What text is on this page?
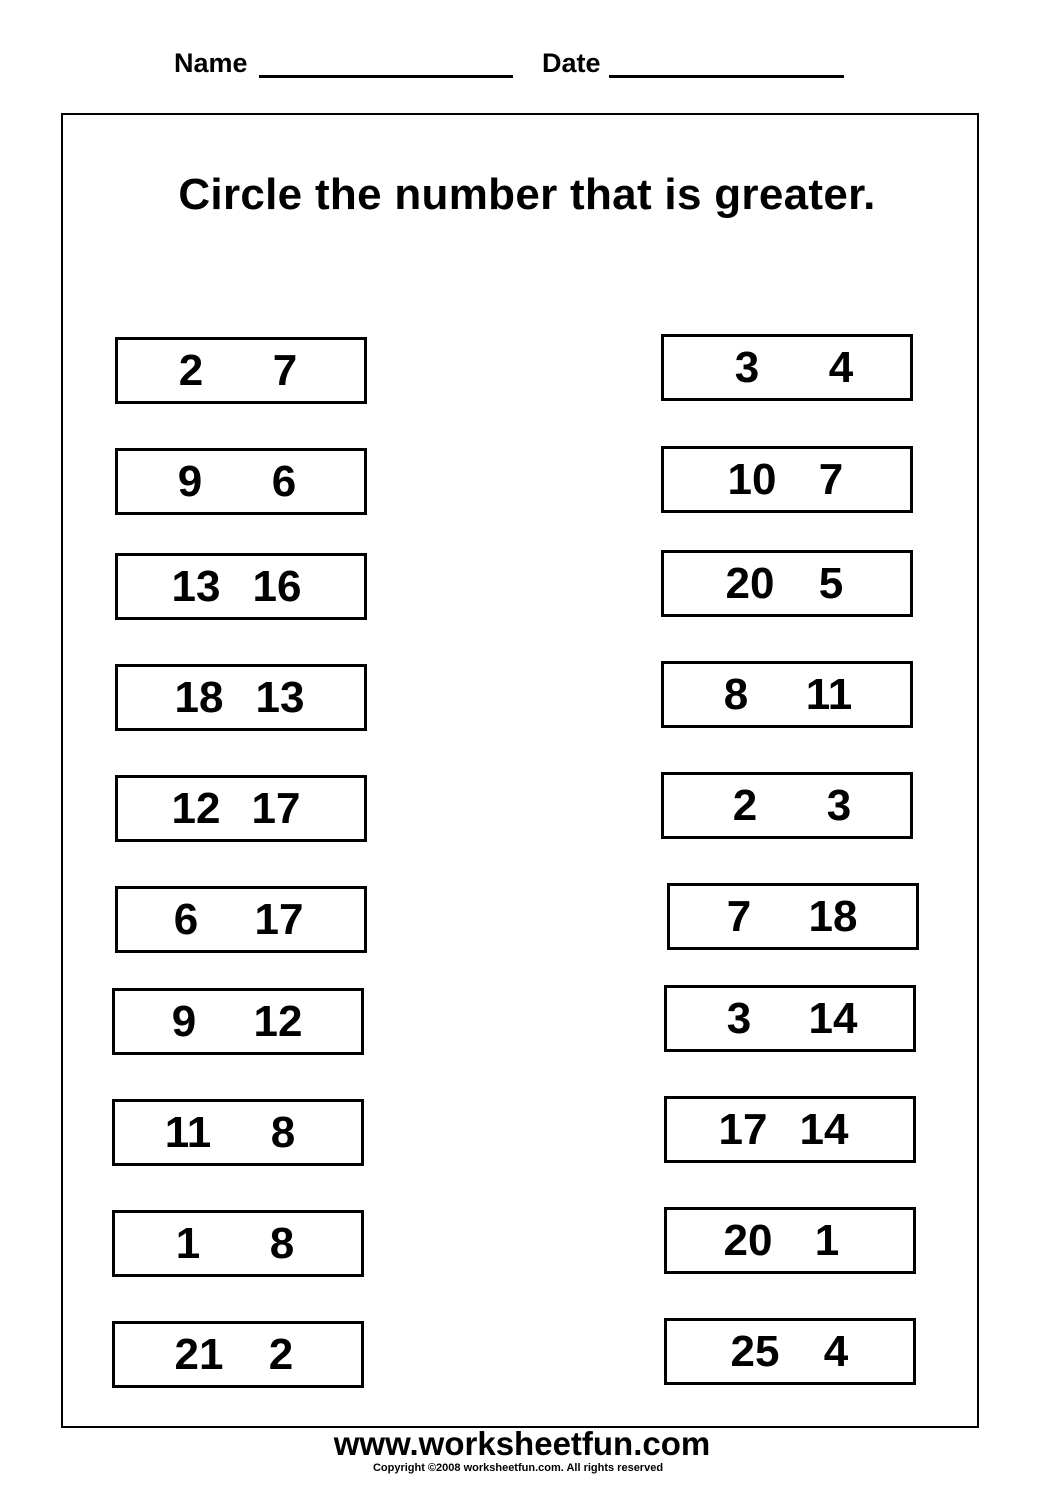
Name	Date
Circle the number that is greater.
2 7
9 6
13 16
18 13
12 17
6 17
9 12
11 8
1 8
21 2
3 4
10 7
20 5
8 11
2 3
7 18
3 14
17 14
20 1
25 4
www.worksheetfun.com
Copyright ©2008 worksheetfun.com. All rights reserved
